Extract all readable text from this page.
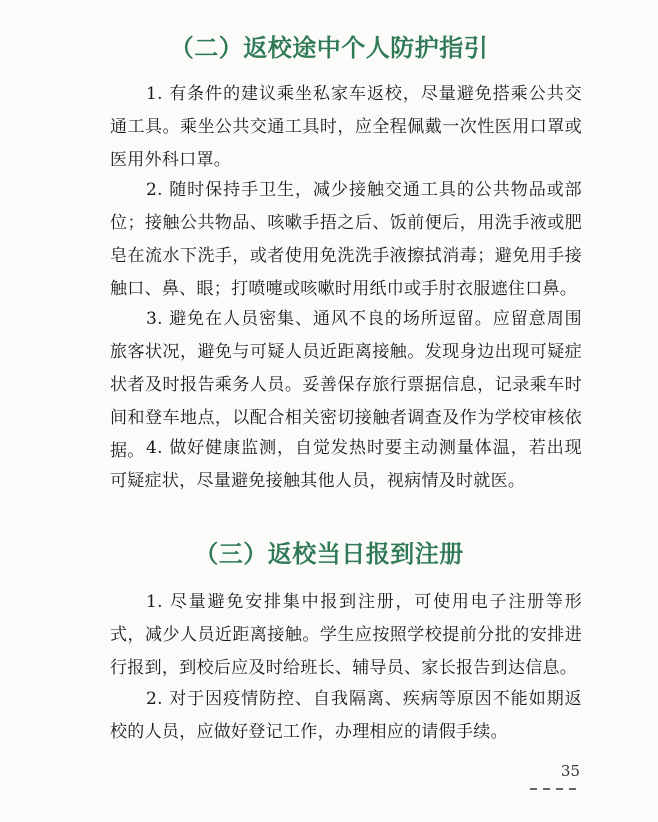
（二）返校途中个人防护指引
1. 有条件的建议乘坐私家车返校，尽量避免搭乘公共交通工具。乘坐公共交通工具时，应全程佩戴一次性医用口罩或医用外科口罩。
2. 随时保持手卫生，减少接触交通工具的公共物品或部位；接触公共物品、咳嗽手捂之后、饭前便后，用洗手液或肥皂在流水下洗手，或者使用免洗洗手液擦拭消毒；避免用手接触口、鼻、眼；打喷嚏或咳嗽时用纸巾或手肘衣服遮住口鼻。
3. 避免在人员密集、通风不良的场所逗留。应留意周围旅客状况，避免与可疑人员近距离接触。发现身边出现可疑症状者及时报告乘务人员。妥善保存旅行票据信息，记录乘车时间和登车地点，以配合相关密切接触者调查及作为学校审核依据。 4. 做好健康监测，自觉发热时要主动测量体温，若出现可疑症状，尽量避免接触其他人员，视病情及时就医。
（三）返校当日报到注册
1. 尽量避免安排集中报到注册，可使用电子注册等形式，减少人员近距离接触。学生应按照学校提前分批的安排进行报到，到校后应及时给班长、辅导员、家长报告到达信息。
2. 对于因疫情防控、自我隔离、疾病等原因不能如期返校的人员，应做好登记工作，办理相应的请假手续。
35
